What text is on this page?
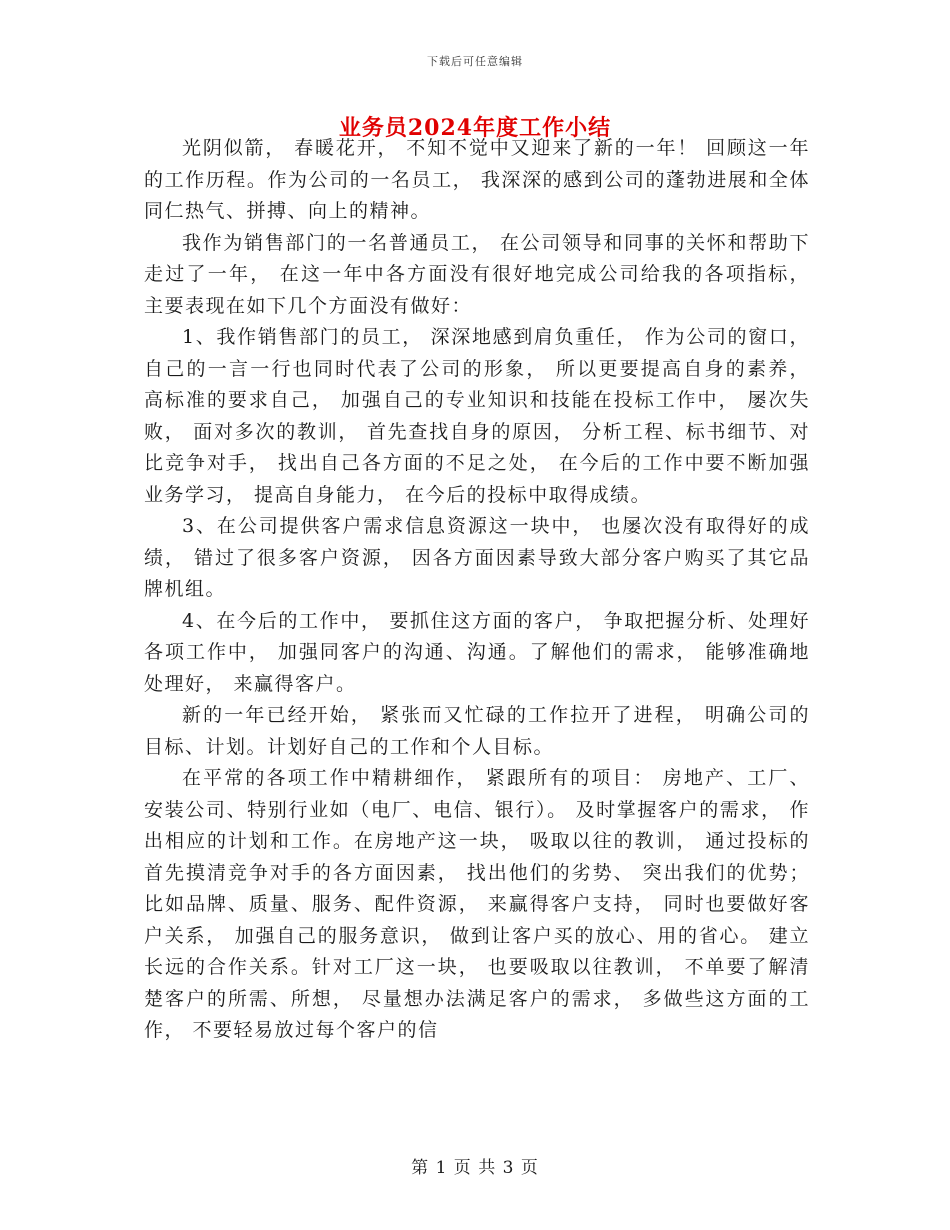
下载后可任意编辑
业务员2024年度工作小结

光阴似箭， 春暖花开， 不知不觉中又迎来了新的一年！ 回顾这一年的工作历程。作为公司的一名员工， 我深深的感到公司的蓬勃进展和全体同仁热气、拼搏、向上的精神。

我作为销售部门的一名普通员工， 在公司领导和同事的关怀和帮助下走过了一年， 在这一年中各方面没有很好地完成公司给我的各项指标， 主要表现在如下几个方面没有做好：

1、我作销售部门的员工， 深深地感到肩负重任， 作为公司的窗口， 自己的一言一行也同时代表了公司的形象， 所以更要提高自身的素养， 高标准的要求自己， 加强自己的专业知识和技能在投标工作中， 屡次失败， 面对多次的教训， 首先查找自身的原因， 分析工程、标书细节、对比竞争对手， 找出自己各方面的不足之处， 在今后的工作中要不断加强业务学习， 提高自身能力， 在今后的投标中取得成绩。

3、在公司提供客户需求信息资源这一块中， 也屡次没有取得好的成绩， 错过了很多客户资源， 因各方面因素导致大部分客户购买了其它品牌机组。

4、在今后的工作中， 要抓住这方面的客户， 争取把握分析、处理好各项工作中， 加强同客户的沟通、沟通。了解他们的需求， 能够准确地处理好， 来赢得客户。

新的一年已经开始， 紧张而又忙碌的工作拉开了进程， 明确公司的目标、计划。计划好自己的工作和个人目标。

在平常的各项工作中精耕细作， 紧跟所有的项目： 房地产、工厂、安装公司、特别行业如（电厂、电信、银行）。 及时掌握客户的需求， 作出相应的计划和工作。在房地产这一块， 吸取以往的教训， 通过投标的首先摸清竞争对手的各方面因素， 找出他们的劣势、 突出我们的优势； 比如品牌、质量、服务、配件资源， 来赢得客户支持， 同时也要做好客户关系， 加强自己的服务意识， 做到让客户买的放心、用的省心。 建立长远的合作关系。针对工厂这一块， 也要吸取以往教训， 不单要了解清楚客户的所需、所想， 尽量想办法满足客户的需求， 多做些这方面的工作， 不要轻易放过每个客户的信

第 1 页 共 3 页
